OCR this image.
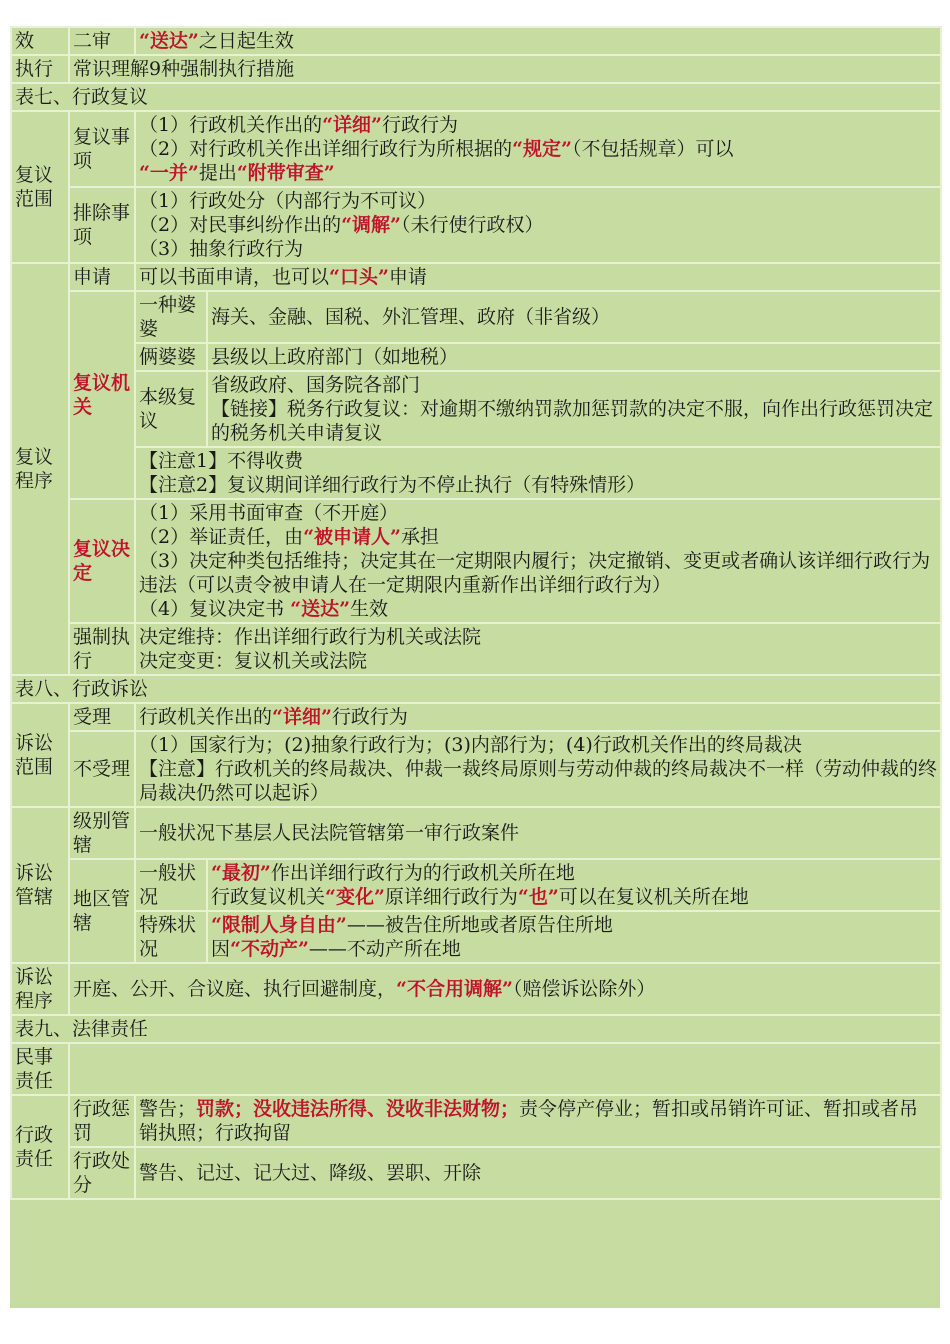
效	二审	“送达”之日起生效	
执行	常识理解9种强制执行措施		
表七、行政复议			
复议范围	复议事项	（1）行政机关作出的“详细”行政行为
（2）对行政机关作出详细行政行为所根据的“规定”（不包括规章）可以
“一并”提出“附带审查”	

	排除事项	（1）行政处分（内部行为不可议）
（2）对民事纠纷作出的“调解”（未行使行政权）
（3）抽象行政行为	

复议程序	申请	可以书面申请，也可以“口头”申请	
	复议机关	一种婆婆	海关、金融、国税、外汇管理、政府（非省级）
		俩婆婆	县级以上政府部门（如地税）
		本级复议	省级政府、国务院各部门
【链接】税务行政复议：对逾期不缴纳罚款加惩罚款的决定不服，向作出行政惩罚决定的税务机关申请复议

		【注意1】不得收费
【注意2】复议期间详细行政行为不停止执行（有特殊情形）	

	复议决定	（1）采用书面审查（不开庭）
（2）举证责任，由“被申请人”承担
（3）决定种类包括维持；决定其在一定期限内履行；决定撤销、变更或者确认该详细行政行为违法（可以责令被申请人在一定期限内重新作出详细行政行为）
（4）复议决定书 “送达”生效	

	强制执行	决定维持：作出详细行政行为机关或法院
决定变更：复议机关或法院	

表八、行政诉讼			
诉讼范围	受理	行政机关作出的“详细”行政行为	
	不受理	（1）国家行为；(2)抽象行政行为；(3)内部行为；(4)行政机关作出的终局裁决
【注意】行政机关的终局裁决、仲裁一裁终局原则与劳动仲裁的终局裁决不一样（劳动仲裁的终局裁决仍然可以起诉）	

诉讼管辖	级别管辖	一般状况下基层人民法院管辖第一审行政案件	
	地区管辖	一般状况	“最初”作出详细行政行为的行政机关所在地
行政复议机关“变化”原详细行政行为“也”可以在复议机关所在地

		特殊状况	“限制人身自由”——被告住所地或者原告住所地
因“不动产”——不动产所在地

诉讼程序	开庭、公开、合议庭、执行回避制度，“不合用调解”（赔偿诉讼除外）		
表九、法律责任			
民事责任			
行政责任	行政惩罚	警告；罚款；没收违法所得、没收非法财物；责令停产停业；暂扣或吊销许可证、暂扣或者吊销执照；行政拘留	
	行政处分	警告、记过、记大过、降级、罢职、开除	
